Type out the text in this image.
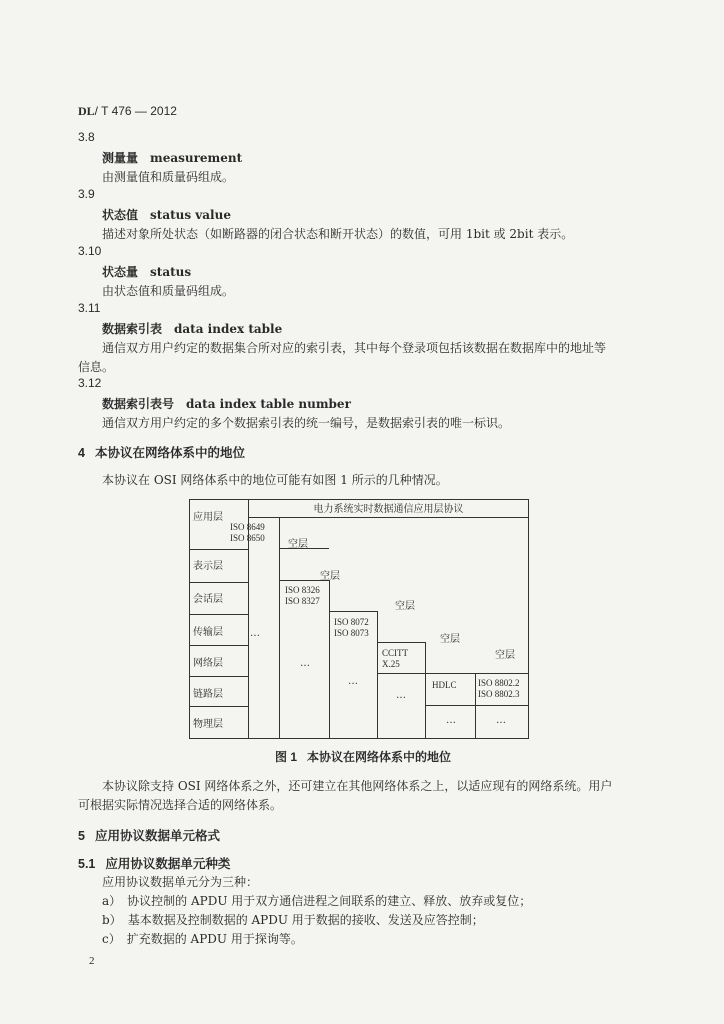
DL/ T 476 — 2012
3.8
测量量 measurement
由测量值和质量码组成。
3.9
状态值 status value
描述对象所处状态（如断路器的闭合状态和断开状态）的数值，可用 1bit 或 2bit 表示。
3.10
状态量 status
由状态值和质量码组成。
3.11
数据索引表 data index table
通信双方用户约定的数据集合所对应的索引表，其中每个登录项包括该数据在数据库中的地址等
信息。
3.12
数据索引表号 data index table number
通信双方用户约定的多个数据索引表的统一编号，是数据索引表的唯一标识。
4 本协议在网络体系中的地位
本协议在 OSI 网络体系中的地位可能有如图 1 所示的几种情况。
应用层
表示层
会话层
传输层
网络层
链路层
物理层
电力系统实时数据通信应用层协议
ISO 8649
ISO 8650
空层
空层
ISO 8326
ISO 8327	空层
ISO 8072
ISO 8073
空层
CCITT
X.25
空层
HDLC ISO 8802.2
ISO 8802.3
…
…
…
…
…	…
图 1 本协议在网络体系中的地位
本协议除支持 OSI 网络体系之外，还可建立在其他网络体系之上，以适应现有的网络系统。用户
可根据实际情况选择合适的网络体系。
5 应用协议数据单元格式
5.1 应用协议数据单元种类
应用协议数据单元分为三种：
a） 协议控制的 APDU 用于双方通信进程之间联系的建立、释放、放弃或复位；
b） 基本数据及控制数据的 APDU 用于数据的接收、发送及应答控制；
c） 扩充数据的 APDU 用于探询等。
2
